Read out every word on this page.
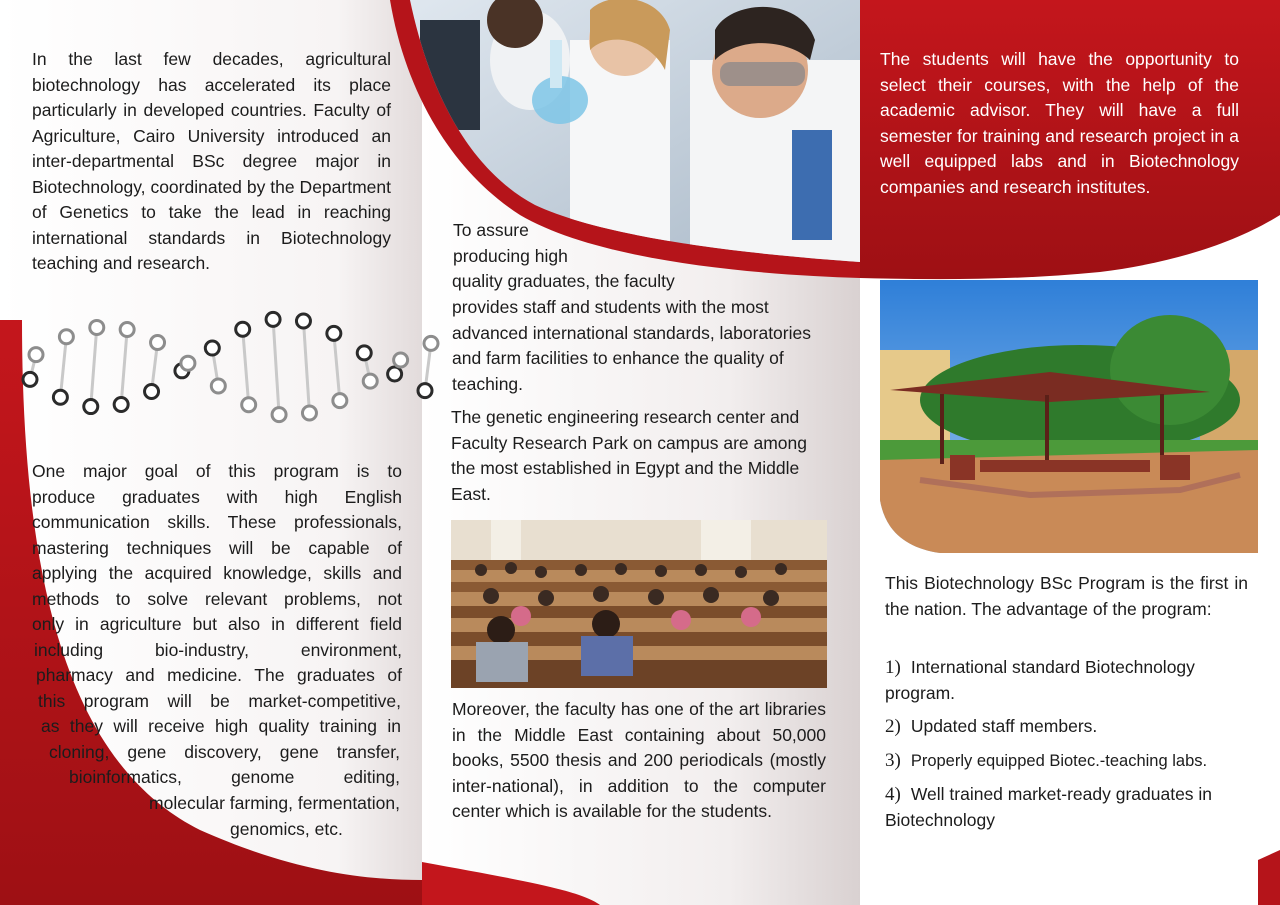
In the last few decades, agricultural biotechnology has accelerated its place particularly in developed countries. Faculty of Agriculture, Cairo University introduced an inter-departmental BSc degree major in Biotechnology, coordinated by the Department of Genetics to take the lead in reaching international standards in Biotechnology teaching and research.

One major goal of this program is to
produce graduates with high English
communication skills. These professionals,
mastering techniques will be capable of
applying the acquired knowledge, skills and
methods to solve relevant problems, not
only in agriculture but also in different field
including bio-industry, environment,
pharmacy and medicine. The graduates of
this program will be market-competitive,
as they will receive high quality training in
cloning, gene discovery, gene transfer,
bioinformatics, genome editing,
molecular farming, fermentation,
genomics, etc.
To assure
producing high
quality graduates, the faculty

provides staff and students with the most advanced international standards, laboratories and farm facilities to enhance the quality of teaching.

The genetic engineering research center and Faculty Research Park on campus are among the most established in Egypt and the Middle East.

Moreover, the faculty has one of the art libraries in the Middle East containing about 50,000 books, 5500 thesis and 200 periodicals (mostly inter-national), in addition to the computer center which is available for the students.

The students will have the opportunity to select their courses, with the help of the academic advisor. They will have a full semester for training and research project in a well equipped labs and in Biotechnology companies and research institutes.

This Biotechnology BSc Program is the first in the nation. The advantage of the program:

1) International standard Biotechnology program.
2) Updated staff members.
3) Properly equipped Biotec.-teaching labs.
4) Well trained market-ready graduates in Biotechnology
